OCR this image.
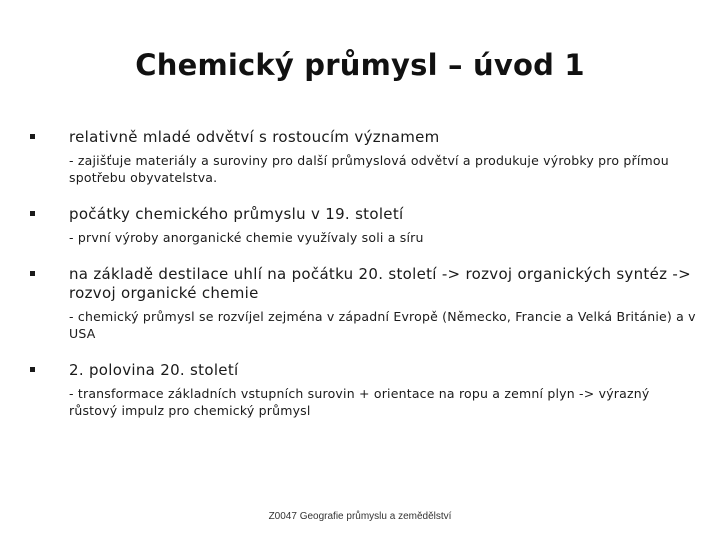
Chemický průmysl – úvod 1
relativně mladé odvětví s rostoucím významem
- zajišťuje materiály a suroviny pro další průmyslová odvětví a produkuje výrobky pro přímou spotřebu obyvatelstva.
počátky chemického průmyslu v 19. století
- první výroby anorganické chemie využívaly soli a síru
na základě destilace uhlí na počátku 20. století -> rozvoj organických syntéz -> rozvoj organické chemie
- chemický průmysl se rozvíjel zejména v západní Evropě (Německo, Francie a Velká Británie) a v USA
2. polovina 20. století
- transformace základních vstupních surovin + orientace na ropu a zemní plyn -> výrazný růstový impulz pro chemický průmysl
Z0047 Geografie průmyslu a zemědělství
